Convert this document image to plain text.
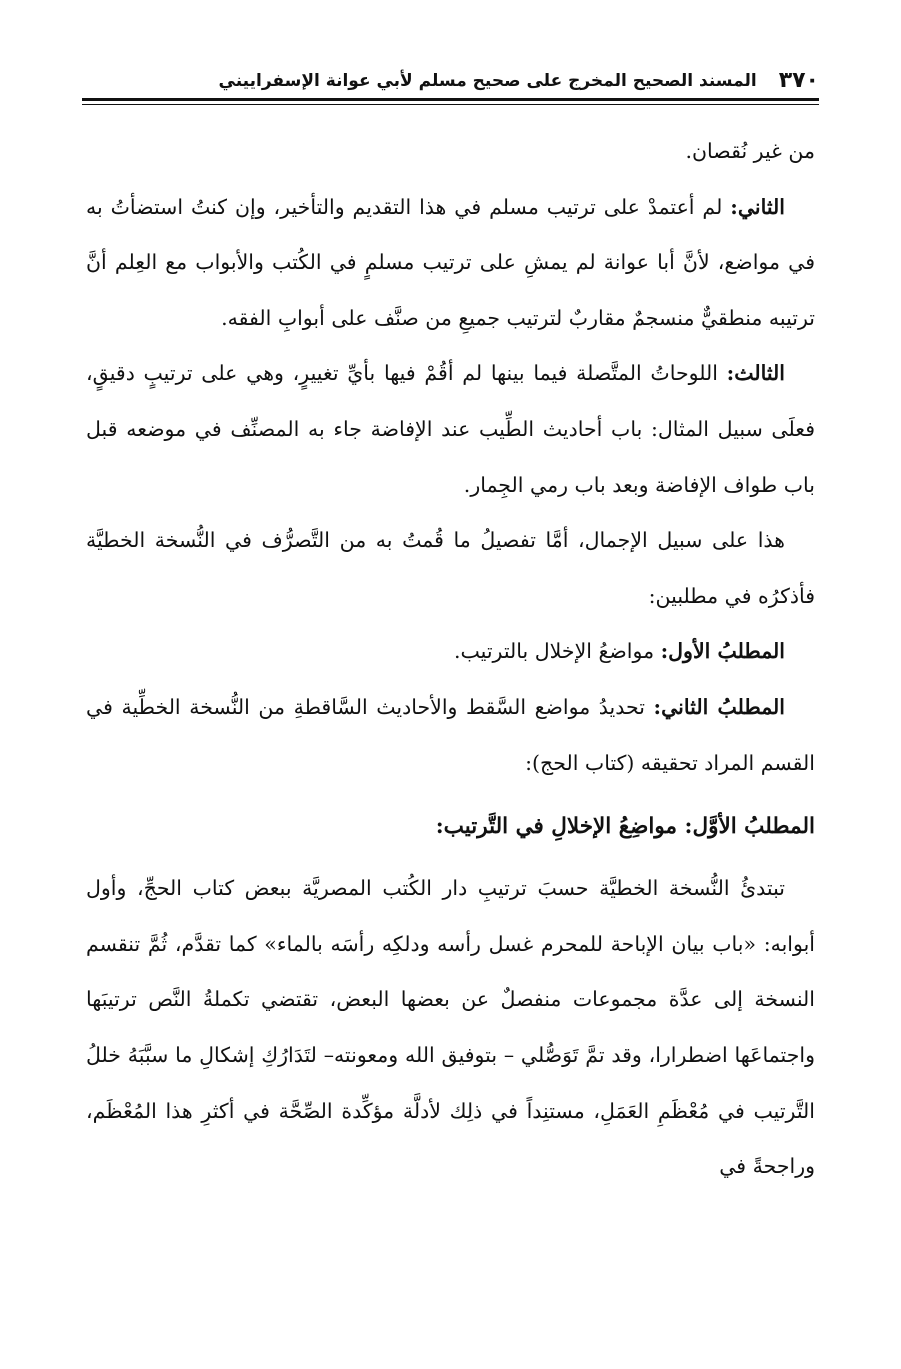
٣٧٠
المسند الصحيح المخرج على صحيح مسلم لأبي عوانة الإسفراييني

من غير نُقصان.

الثاني: لم أعتمدْ على ترتيب مسلم في هذا التقديم والتأخير، وإن كنتُ استضأتُ به في مواضع، لأنَّ أبا عوانة لم يمشِ على ترتيب مسلمٍ في الكُتب والأبواب مع العِلم أنَّ ترتيبه منطقيٌّ منسجمٌ مقاربٌ لترتيب جميعِ من صنَّف على أبوابِ الفقه.

الثالث: اللوحاتُ المتَّصلة فيما بينها لم أقُمْ فيها بأيِّ تغييرٍ، وهي على ترتيبٍ دقيقٍ، فعلَى سبيل المثال: باب أحاديث الطِّيب عند الإفاضة جاء به المصنِّف في موضعه قبل باب طواف الإفاضة وبعد باب رمي الجِمار.

هذا على سبيل الإجمال، أمَّا تفصيلُ ما قُمتُ به من التَّصرُّف في النُّسخة الخطيَّة فأذكرُه في مطلبين:

المطلبُ الأول: مواضعُ الإخلال بالترتيب.

المطلبُ الثاني: تحديدُ مواضع السَّقط والأحاديث السَّاقطةِ من النُّسخة الخطِّية في القسم المراد تحقيقه (كتاب الحج):

المطلبُ الأوَّل: مواضِعُ الإخلالِ في التَّرتيب:

تبتدئُ النُّسخة الخطيَّة حسبَ ترتيبِ دار الكُتب المصريَّة ببعض كتاب الحجِّ، وأول أبوابه: «باب بيان الإباحة للمحرم غسل رأسه ودلكِه رأسَه بالماء» كما تقدَّم، ثُمَّ تنقسم النسخة إلى عدَّة مجموعات منفصلٌ عن بعضها البعض، تقتضي تكملةُ النَّص ترتيبَها واجتماعَها اضطرارا، وقد تمَّ تَوَصُّلي – بتوفيق الله ومعونته– لتَدَارُكِ إشكالِ ما سبَّبَهُ خللُ التَّرتيب في مُعْظَمِ العَمَلِ، مستنِداً في ذلِك لأدلَّة مؤكِّدة الصِّحَّة في أكثرِ هذا المُعْظَم، وراجحةً في
